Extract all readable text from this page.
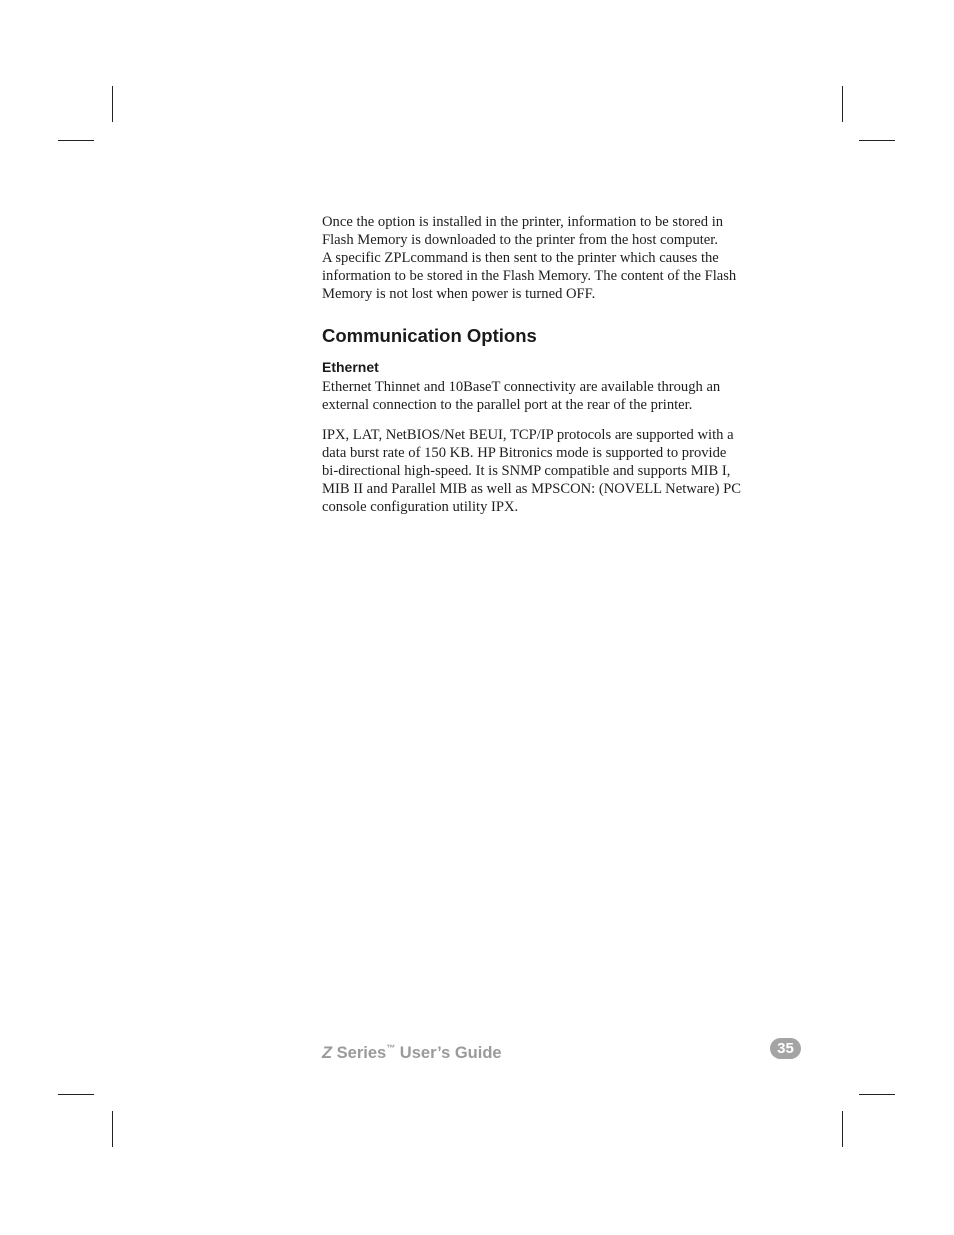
Once the option is installed in the printer, information to be stored in
Flash Memory is downloaded to the printer from the host computer.
A specific ZPLcommand is then sent to the printer which causes the
information to be stored in the Flash Memory. The content of the Flash
Memory is not lost when power is turned OFF.

Communication Options
Ethernet

Ethernet Thinnet and 10BaseT connectivity are available through an
external connection to the parallel port at the rear of the printer.

IPX, LAT, NetBIOS/Net BEUI, TCP/IP protocols are supported with a
data burst rate of 150 KB. HP Bitronics mode is supported to provide
bi-directional high-speed. It is SNMP compatible and supports MIB I,
MIB II and Parallel MIB as well as MPSCON: (NOVELL Netware) PC
console configuration utility IPX.

Z Series™ User’s Guide	35
